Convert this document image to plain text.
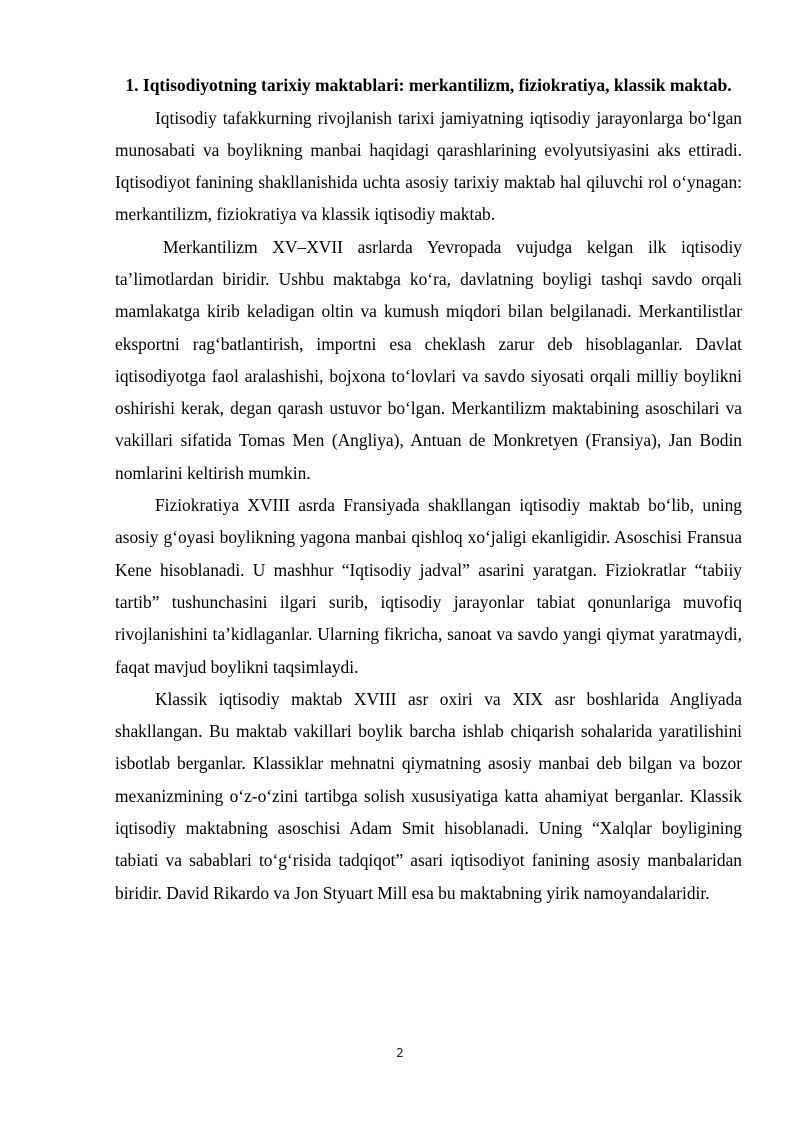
1. Iqtisodiyotning tarixiy maktablari: merkantilizm, fiziokratiya, klassik maktab.

Iqtisodiy tafakkurning rivojlanish tarixi jamiyatning iqtisodiy jarayonlarga bo‘lgan munosabati va boylikning manbai haqidagi qarashlarining evolyutsiyasini aks ettiradi. Iqtisodiyot fanining shakllanishida uchta asosiy tarixiy maktab hal qiluvchi rol o‘ynagan: merkantilizm, fiziokratiya va klassik iqtisodiy maktab.

Merkantilizm XV–XVII asrlarda Yevropada vujudga kelgan ilk iqtisodiy ta’limotlardan biridir. Ushbu maktabga ko‘ra, davlatning boyligi tashqi savdo orqali mamlakatga kirib keladigan oltin va kumush miqdori bilan belgilanadi. Merkantilistlar eksportni rag‘batlantirish, importni esa cheklash zarur deb hisoblaganlar. Davlat iqtisodiyotga faol aralashishi, bojxona to‘lovlari va savdo siyosati orqali milliy boylikni oshirishi kerak, degan qarash ustuvor bo‘lgan. Merkantilizm maktabining asoschilari va vakillari sifatida Tomas Men (Angliya), Antuan de Monkretyen (Fransiya), Jan Bodin nomlarini keltirish mumkin.

Fiziokratiya XVIII asrda Fransiyada shakllangan iqtisodiy maktab bo‘lib, uning asosiy g‘oyasi boylikning yagona manbai qishloq xo‘jaligi ekanligidir. Asoschisi Fransua Kene hisoblanadi. U mashhur “Iqtisodiy jadval” asarini yaratgan. Fiziokratlar “tabiiy tartib” tushunchasini ilgari surib, iqtisodiy jarayonlar tabiat qonunlariga muvofiq rivojlanishini ta’kidlaganlar. Ularning fikricha, sanoat va savdo yangi qiymat yaratmaydi, faqat mavjud boylikni taqsimlaydi.

Klassik iqtisodiy maktab XVIII asr oxiri va XIX asr boshlarida Angliyada shakllangan. Bu maktab vakillari boylik barcha ishlab chiqarish sohalarida yaratilishini isbotlab berganlar. Klassiklar mehnatni qiymatning asosiy manbai deb bilgan va bozor mexanizmining o‘z-o‘zini tartibga solish xususiyatiga katta ahamiyat berganlar. Klassik iqtisodiy maktabning asoschisi Adam Smit hisoblanadi. Uning “Xalqlar boyligining tabiati va sabablari to‘g‘risida tadqiqot” asari iqtisodiyot fanining asosiy manbalaridan biridir. David Rikardo va Jon Styuart Mill esa bu maktabning yirik namoyandalaridir.

2
